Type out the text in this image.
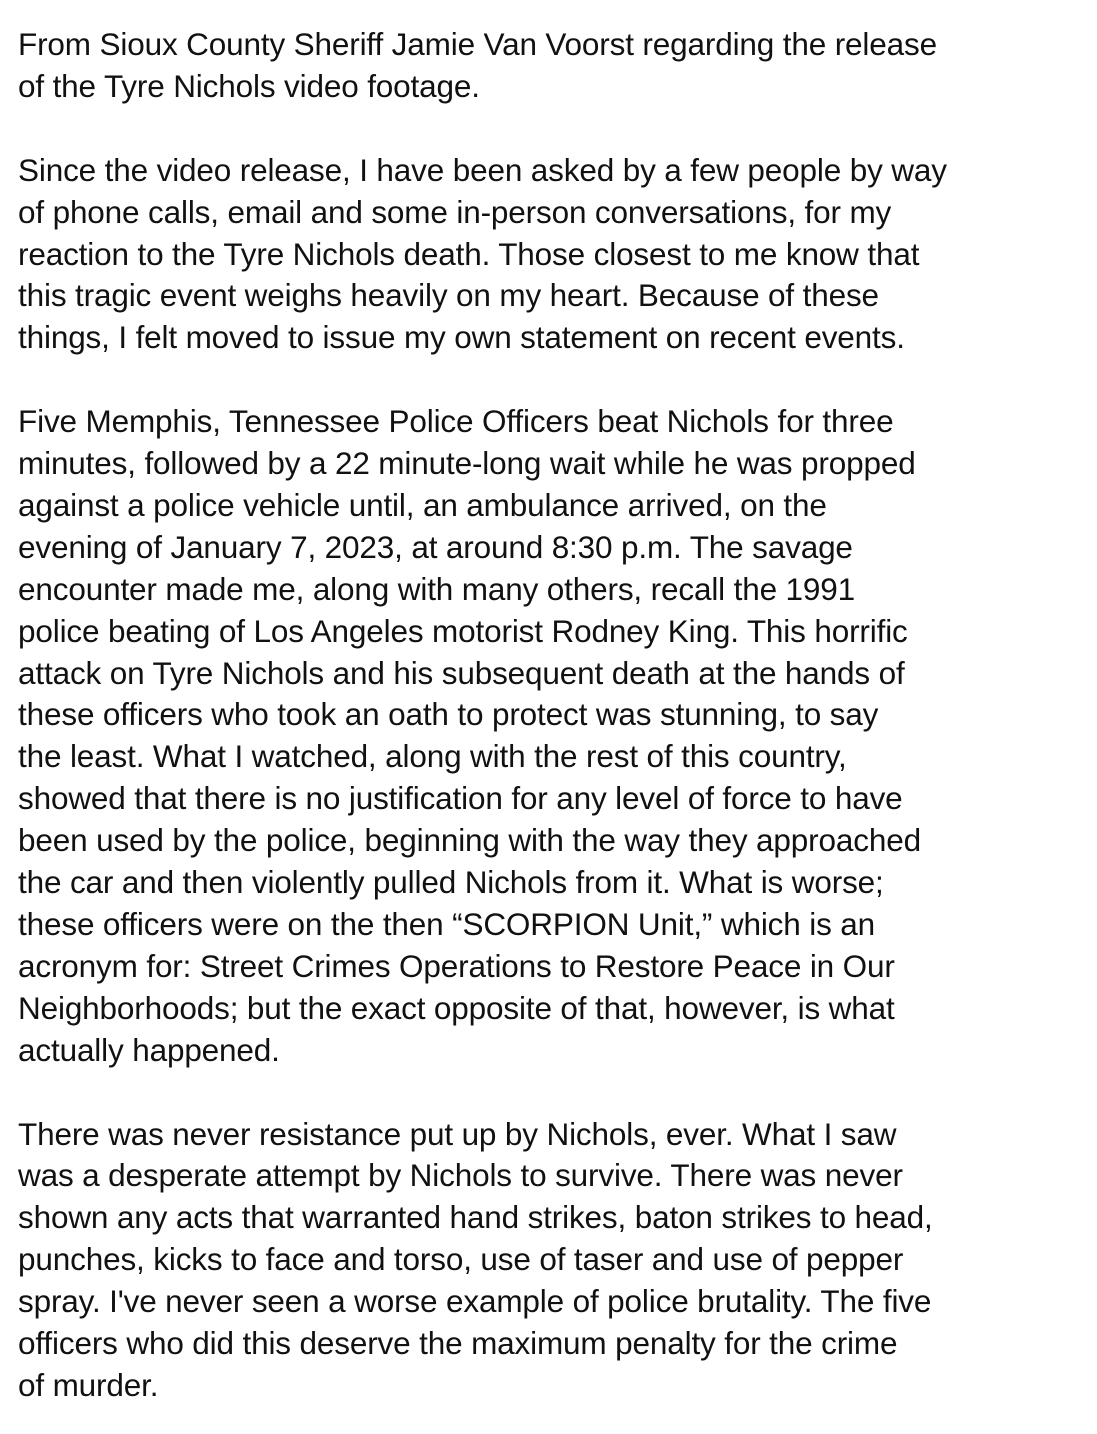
From Sioux County Sheriff Jamie Van Voorst regarding the release
of the Tyre Nichols video footage.

Since the video release, I have been asked by a few people by way
of phone calls, email and some in-person conversations, for my
reaction to the Tyre Nichols death. Those closest to me know that
this tragic event weighs heavily on my heart. Because of these
things, I felt moved to issue my own statement on recent events.

Five Memphis, Tennessee Police Officers beat Nichols for three
minutes, followed by a 22 minute-long wait while he was propped
against a police vehicle until, an ambulance arrived, on the
evening of January 7, 2023, at around 8:30 p.m. The savage
encounter made me, along with many others, recall the 1991
police beating of Los Angeles motorist Rodney King. This horrific
attack on Tyre Nichols and his subsequent death at the hands of
these officers who took an oath to protect was stunning, to say
the least. What I watched, along with the rest of this country,
showed that there is no justification for any level of force to have
been used by the police, beginning with the way they approached
the car and then violently pulled Nichols from it. What is worse;
these officers were on the then “SCORPION Unit,” which is an
acronym for: Street Crimes Operations to Restore Peace in Our
Neighborhoods; but the exact opposite of that, however, is what
actually happened.

There was never resistance put up by Nichols, ever. What I saw
was a desperate attempt by Nichols to survive. There was never
shown any acts that warranted hand strikes, baton strikes to head,
punches, kicks to face and torso, use of taser and use of pepper
spray. I've never seen a worse example of police brutality. The five
officers who did this deserve the maximum penalty for the crime
of murder.
